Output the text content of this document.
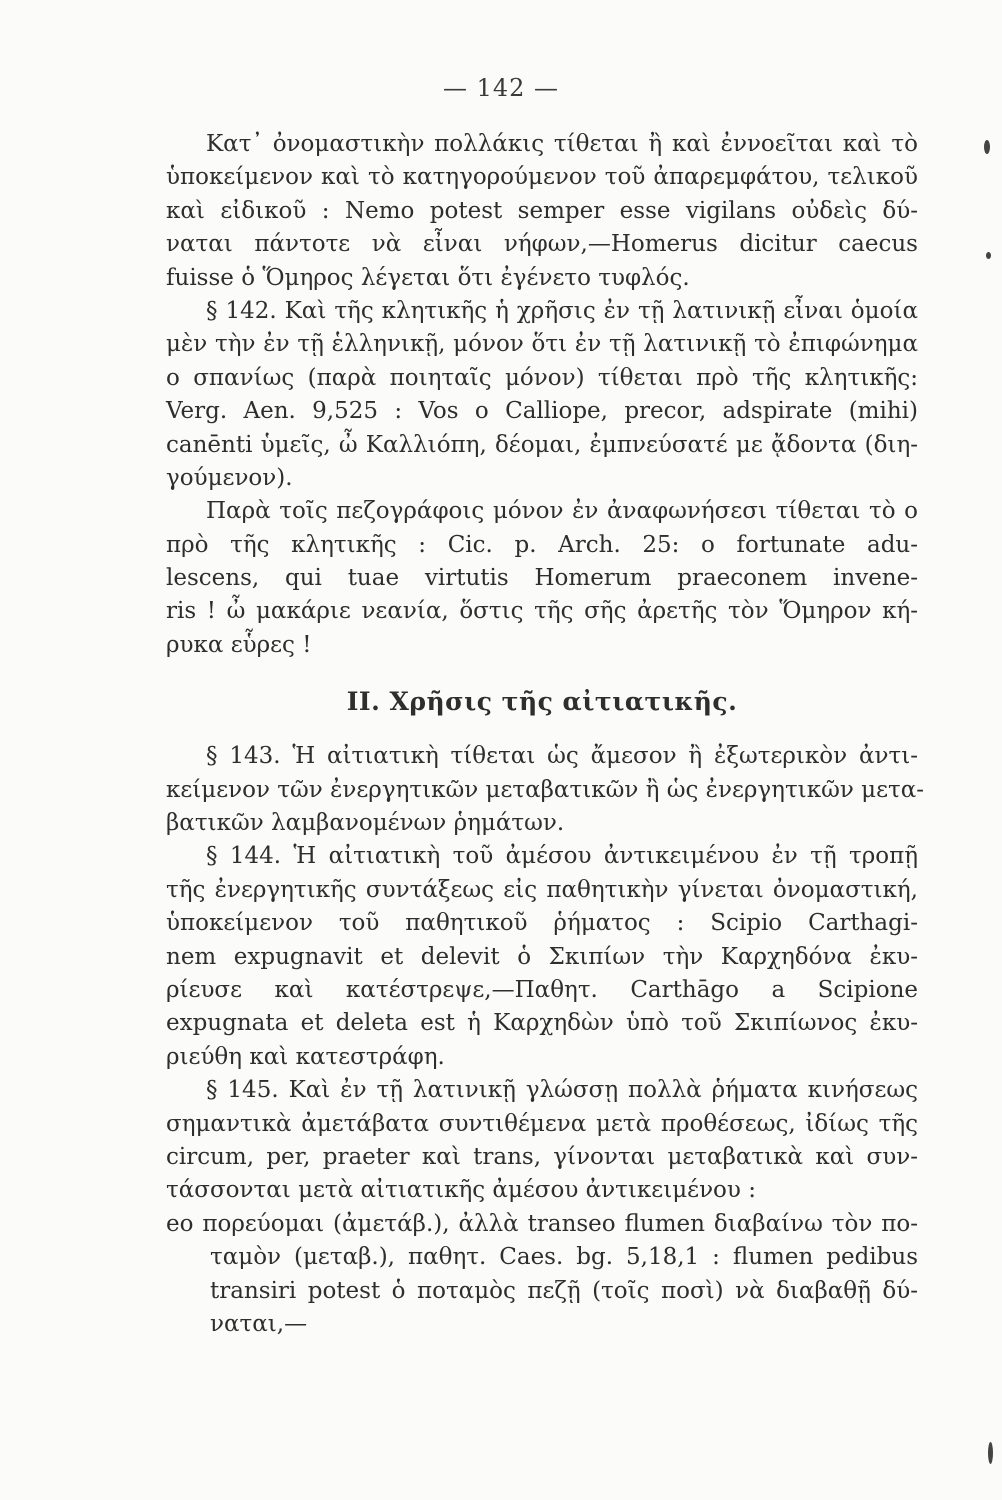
— 142 —
Κατ᾽ ὀνομαστικὴν πολλάκις τίθεται ἢ καὶ ἐννοεῖται καὶ τὸ
ὑποκείμενον καὶ τὸ κατηγορούμενον τοῦ ἀπαρεμφάτου, τελικοῦ
καὶ εἰδικοῦ : Nemo potest semper esse vigilans οὐδεὶς δύ-
ναται πάντοτε νὰ εἶναι νήφων,—Homerus dicitur caecus
fuisse ὁ Ὅμηρος λέγεται ὅτι ἐγένετο τυφλός.
§ 142. Καὶ τῆς κλητικῆς ἡ χρῆσις ἐν τῇ λατινικῇ εἶναι ὁμοία
μὲν τὴν ἐν τῇ ἑλληνικῇ, μόνον ὅτι ἐν τῇ λατινικῇ τὸ ἐπιφώνημα
o σπανίως (παρὰ ποιηταῖς μόνον) τίθεται πρὸ τῆς κλητικῆς:
Verg. Aen. 9,525 : Vos o Calliope, precor, adspirate (mihi)
canēnti ὑμεῖς, ὦ Καλλιόπη, δέομαι, ἐμπνεύσατέ με ᾄδοντα (διη-
γούμενον).
Παρὰ τοῖς πεζογράφοις μόνον ἐν ἀναφωνήσεσι τίθεται τὸ o
πρὸ τῆς κλητικῆς : Cic. p. Arch. 25: o fortunate adu-
lescens, qui tuae virtutis Homerum praeconem invene-
ris ! ὦ μακάριε νεανία, ὅστις τῆς σῆς ἀρετῆς τὸν Ὅμηρον κή-
ρυκα εὗρες !
II. Χρῆσις τῆς αἰτιατικῆς.
§ 143. Ἡ αἰτιατικὴ τίθεται ὡς ἄμεσον ἢ ἐξωτερικὸν ἀντι-
κείμενον τῶν ἐνεργητικῶν μεταβατικῶν ἢ ὡς ἐνεργητικῶν μετα-
βατικῶν λαμβανομένων ῥημάτων.
§ 144. Ἡ αἰτιατικὴ τοῦ ἀμέσου ἀντικειμένου ἐν τῇ τροπῇ
τῆς ἐνεργητικῆς συντάξεως εἰς παθητικὴν γίνεται ὀνομαστική,
ὑποκείμενον τοῦ παθητικοῦ ῥήματος : Scipio Carthagi-
nem expugnavit et delevit ὁ Σκιπίων τὴν Καρχηδόνα ἐκυ-
ρίευσε καὶ κατέστρεψε,—Παθητ. Carthāgo a Scipione
expugnata et deleta est ἡ Καρχηδὼν ὑπὸ τοῦ Σκιπίωνος ἐκυ-
ριεύθη καὶ κατεστράφη.
§ 145. Καὶ ἐν τῇ λατινικῇ γλώσσῃ πολλὰ ῥήματα κινήσεως
σημαντικὰ ἀμετάβατα συντιθέμενα μετὰ προθέσεως, ἰδίως τῆς
circum, per, praeter καὶ trans, γίνονται μεταβατικὰ καὶ συν-
τάσσονται μετὰ αἰτιατικῆς ἀμέσου ἀντικειμένου :
eo πορεύομαι (ἀμετάβ.), ἀλλὰ transeo flumen διαβαίνω τὸν πο-
ταμὸν (μεταβ.), παθητ. Caes. bg. 5,18,1 : flumen pedibus
transiri potest ὁ ποταμὸς πεζῇ (τοῖς ποσὶ) νὰ διαβαθῇ δύ-
ναται,—
